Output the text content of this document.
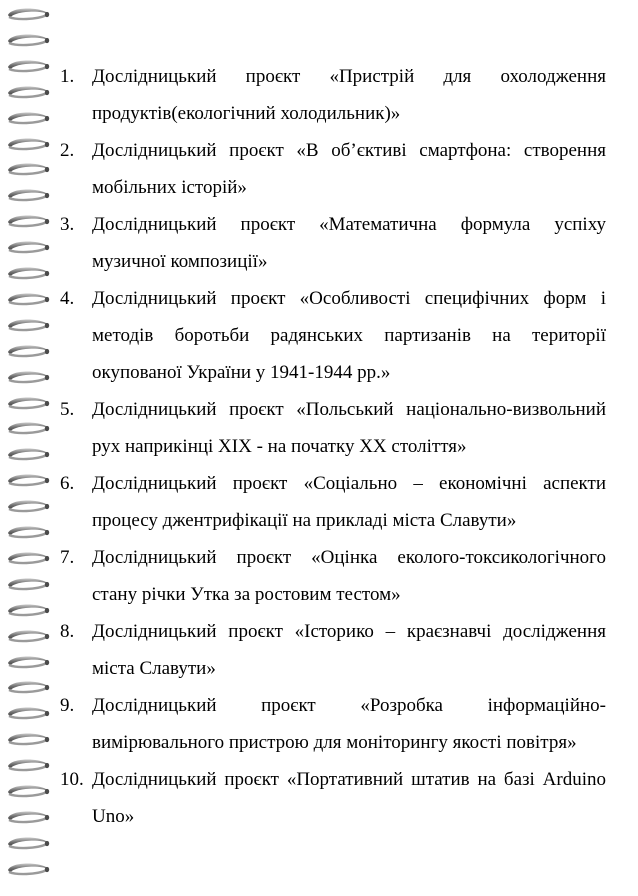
1. Дослідницький проєкт «Пристрій для охолодження продуктів(екологічний холодильник)»
2. Дослідницький проєкт «В об’єктиві смартфона: створення мобільних історій»
3. Дослідницький проєкт «Математична формула успіху музичної композиції»
4. Дослідницький проєкт «Особливості специфічних форм і методів боротьби радянських партизанів на території окупованої України у 1941-1944 рр.»
5. Дослідницький проєкт «Польський національно-визвольний рух наприкінці XIX - на початку XX століття»
6. Дослідницький проєкт «Соціально – економічні аспекти процесу джентрифікації на прикладі міста Славути»
7. Дослідницький проєкт «Оцінка еколого-токсикологічного стану річки Утка за ростовим тестом»
8. Дослідницький проєкт «Історико – краєзнавчі дослідження міста Славути»
9. Дослідницький проєкт «Розробка інформаційно-вимірювального пристрою для моніторингу якості повітря»
10. Дослідницький проєкт «Портативний штатив на базі Arduino Uno»
